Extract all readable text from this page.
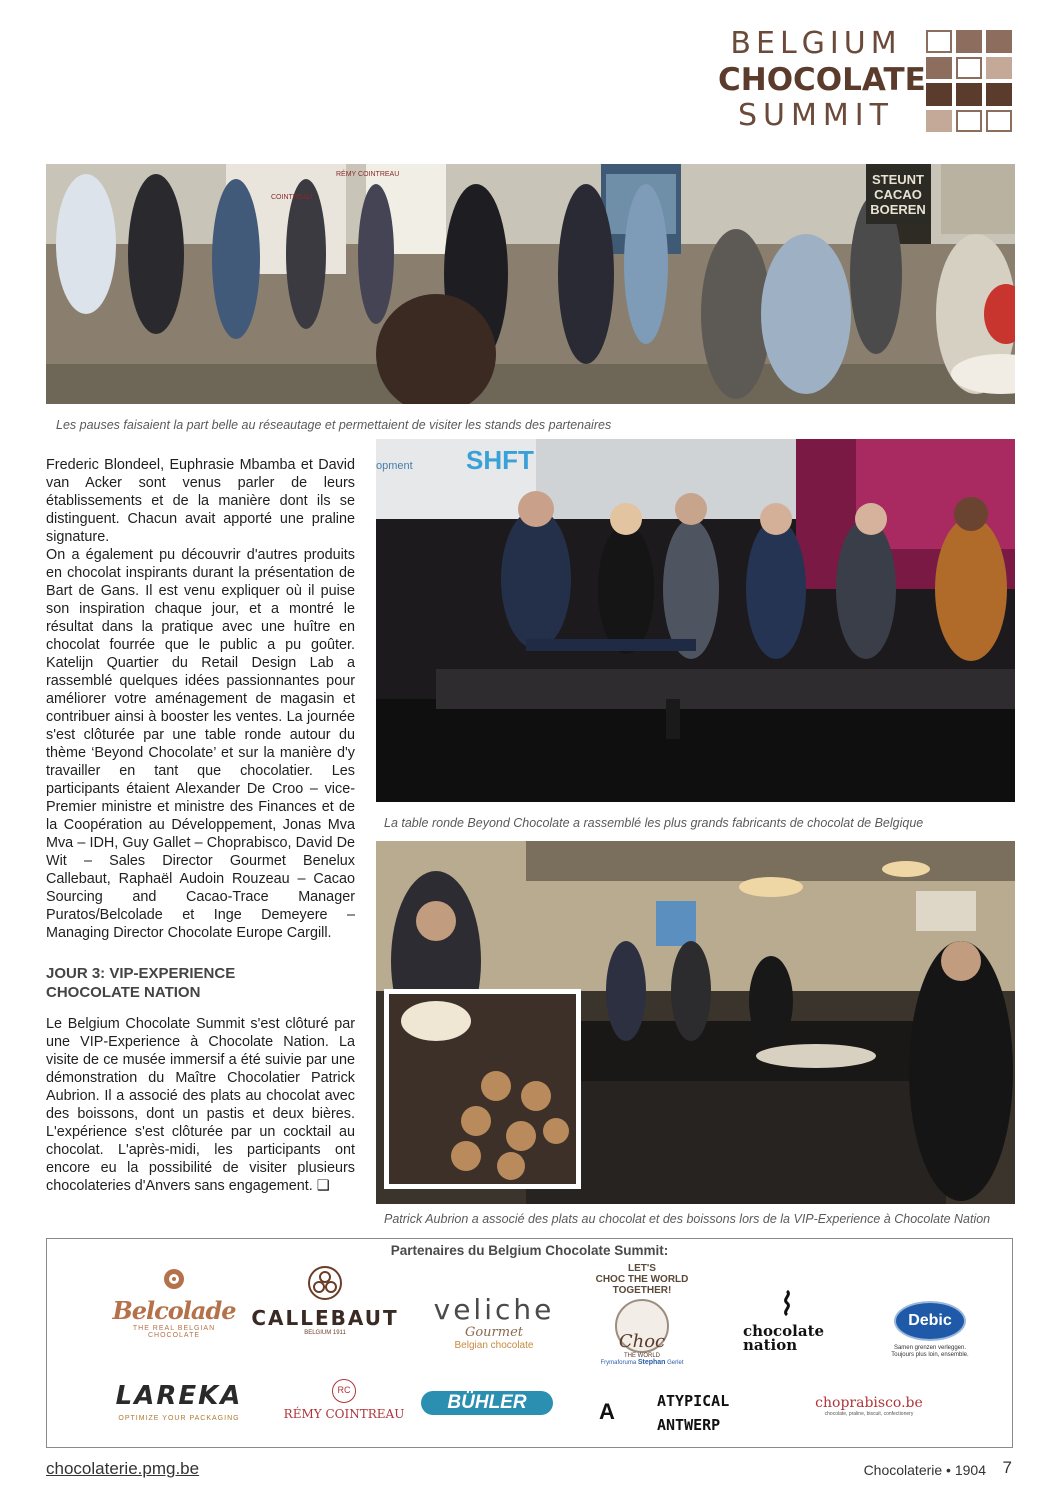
BELGIUM
CHOCOLATE
SUMMIT
STEUNT
CACAO
BOEREN
COINTREAU
RÉMY COINTREAU
Les pauses faisaient la part belle au réseautage et permettaient de visiter les stands des partenaires
SHFT
opment
La table ronde Beyond Chocolate a rassemblé les plus grands fabricants de chocolat de Belgique
Patrick Aubrion a associé des plats au chocolat et des boissons lors de la VIP-Experience à Chocolate Nation

Frederic Blondeel, Euphrasie Mbamba et David van Acker sont venus parler de leurs établissements et de la manière dont ils se distinguent. Chacun avait apporté une praline signature.

On a également pu découvrir d'autres produits en chocolat inspirants durant la présentation de Bart de Gans. Il est venu expliquer où il puise son inspiration chaque jour, et a montré le résultat dans la pratique avec une huître en chocolat fourrée que le public a pu goûter. Katelijn Quartier du Retail Design Lab a rassemblé quelques idées passionnantes pour améliorer votre aménagement de magasin et contribuer ainsi à booster les ventes. La journée s'est clôturée par une table ronde autour du thème ‘Beyond Chocolate’ et sur la manière d'y travailler en tant que chocolatier. Les participants étaient Alexander De Croo – vice-Premier ministre et ministre des Finances et de la Coopération au Développement, Jonas Mva Mva – IDH, Guy Gallet – Choprabisco, David De Wit – Sales Director Gourmet Benelux Callebaut, Raphaël Audoin Rouzeau – Cacao Sourcing and Cacao-Trace Manager Puratos/Belcolade et Inge Demeyere – Managing Director Chocolate Europe Cargill.

JOUR 3: VIP-EXPERIENCE
CHOCOLATE NATION

Le Belgium Chocolate Summit s'est clôturé par une VIP-Experience à Chocolate Nation. La visite de ce musée immersif a été suivie par une démonstration du Maître Chocolatier Patrick Aubrion. Il a associé des plats au chocolat avec des boissons, dont un pastis et deux bières. L'expérience s'est clôturée par un cocktail au chocolat. L'après-midi, les participants ont encore eu la possibilité de visiter plusieurs chocolateries d'Anvers sans engagement. ❑

Partenaires du Belgium Chocolate Summit:
Belcolade
THE REAL BELGIAN CHOCOLATE
CALLEBAUT
BELGIUM 1911
veliche
Gourmet
Belgian chocolate
LET'S
CHOC THE WORLD
TOGETHER!
Choc
THE WORLD
Frymaforuma Stephan Gerlet
chocolate
nation
Debic
Samen grenzen verleggen.
Toujours plus loin, ensemble.
LAREKA
OPTIMIZE YOUR PACKAGING
RC
RÉMY COINTREAU
BÜHLER	A	ATYPICAL
ANTWERP
choprabisco.be
chocolate, praline, biscuit, confectionery
chocolaterie.pmg.be	Chocolaterie • 1904 7
